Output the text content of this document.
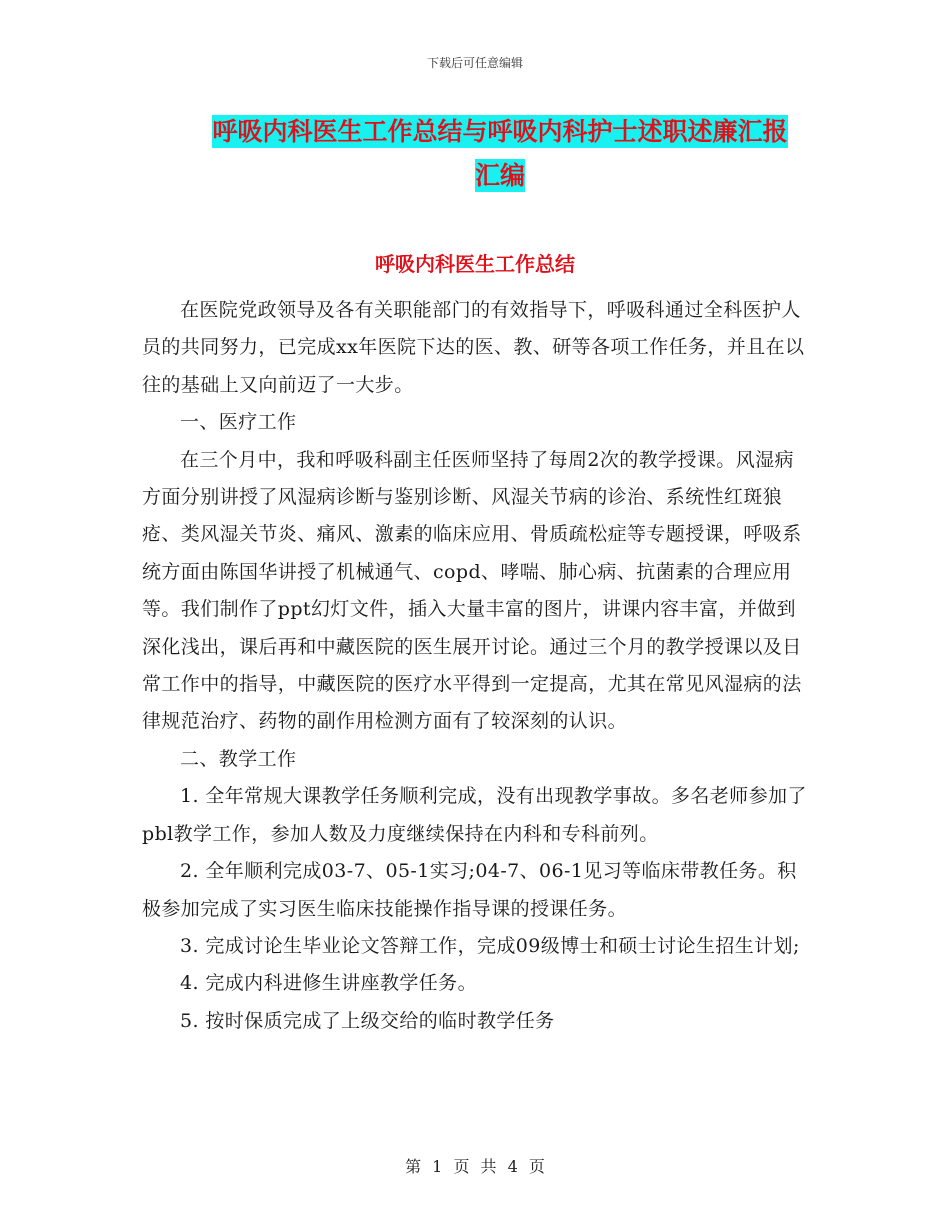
下载后可任意编辑
呼吸内科医生工作总结与呼吸内科护士述职述廉汇报
汇编
呼吸内科医生工作总结

在医院党政领导及各有关职能部门的有效指导下，呼吸科通过全科医护人员的共同努力，已完成xx年医院下达的医、教、研等各项工作任务，并且在以往的基础上又向前迈了一大步。

一、医疗工作

在三个月中，我和呼吸科副主任医师坚持了每周2次的教学授课。风湿病方面分别讲授了风湿病诊断与鉴别诊断、风湿关节病的诊治、系统性红斑狼疮、类风湿关节炎、痛风、激素的临床应用、骨质疏松症等专题授课，呼吸系统方面由陈国华讲授了机械通气、copd、哮喘、肺心病、抗菌素的合理应用等。我们制作了ppt幻灯文件，插入大量丰富的图片，讲课内容丰富，并做到深化浅出，课后再和中藏医院的医生展开讨论。通过三个月的教学授课以及日常工作中的指导，中藏医院的医疗水平得到一定提高，尤其在常见风湿病的法律规范治疗、药物的副作用检测方面有了较深刻的认识。

二、教学工作

1. 全年常规大课教学任务顺利完成，没有出现教学事故。多名老师参加了pbl教学工作，参加人数及力度继续保持在内科和专科前列。

2. 全年顺利完成03-7、05-1实习;04-7、06-1见习等临床带教任务。积极参加完成了实习医生临床技能操作指导课的授课任务。

3. 完成讨论生毕业论文答辩工作，完成09级博士和硕士讨论生招生计划;

4. 完成内科进修生讲座教学任务。

5. 按时保质完成了上级交给的临时教学任务

第 1 页 共 4 页
